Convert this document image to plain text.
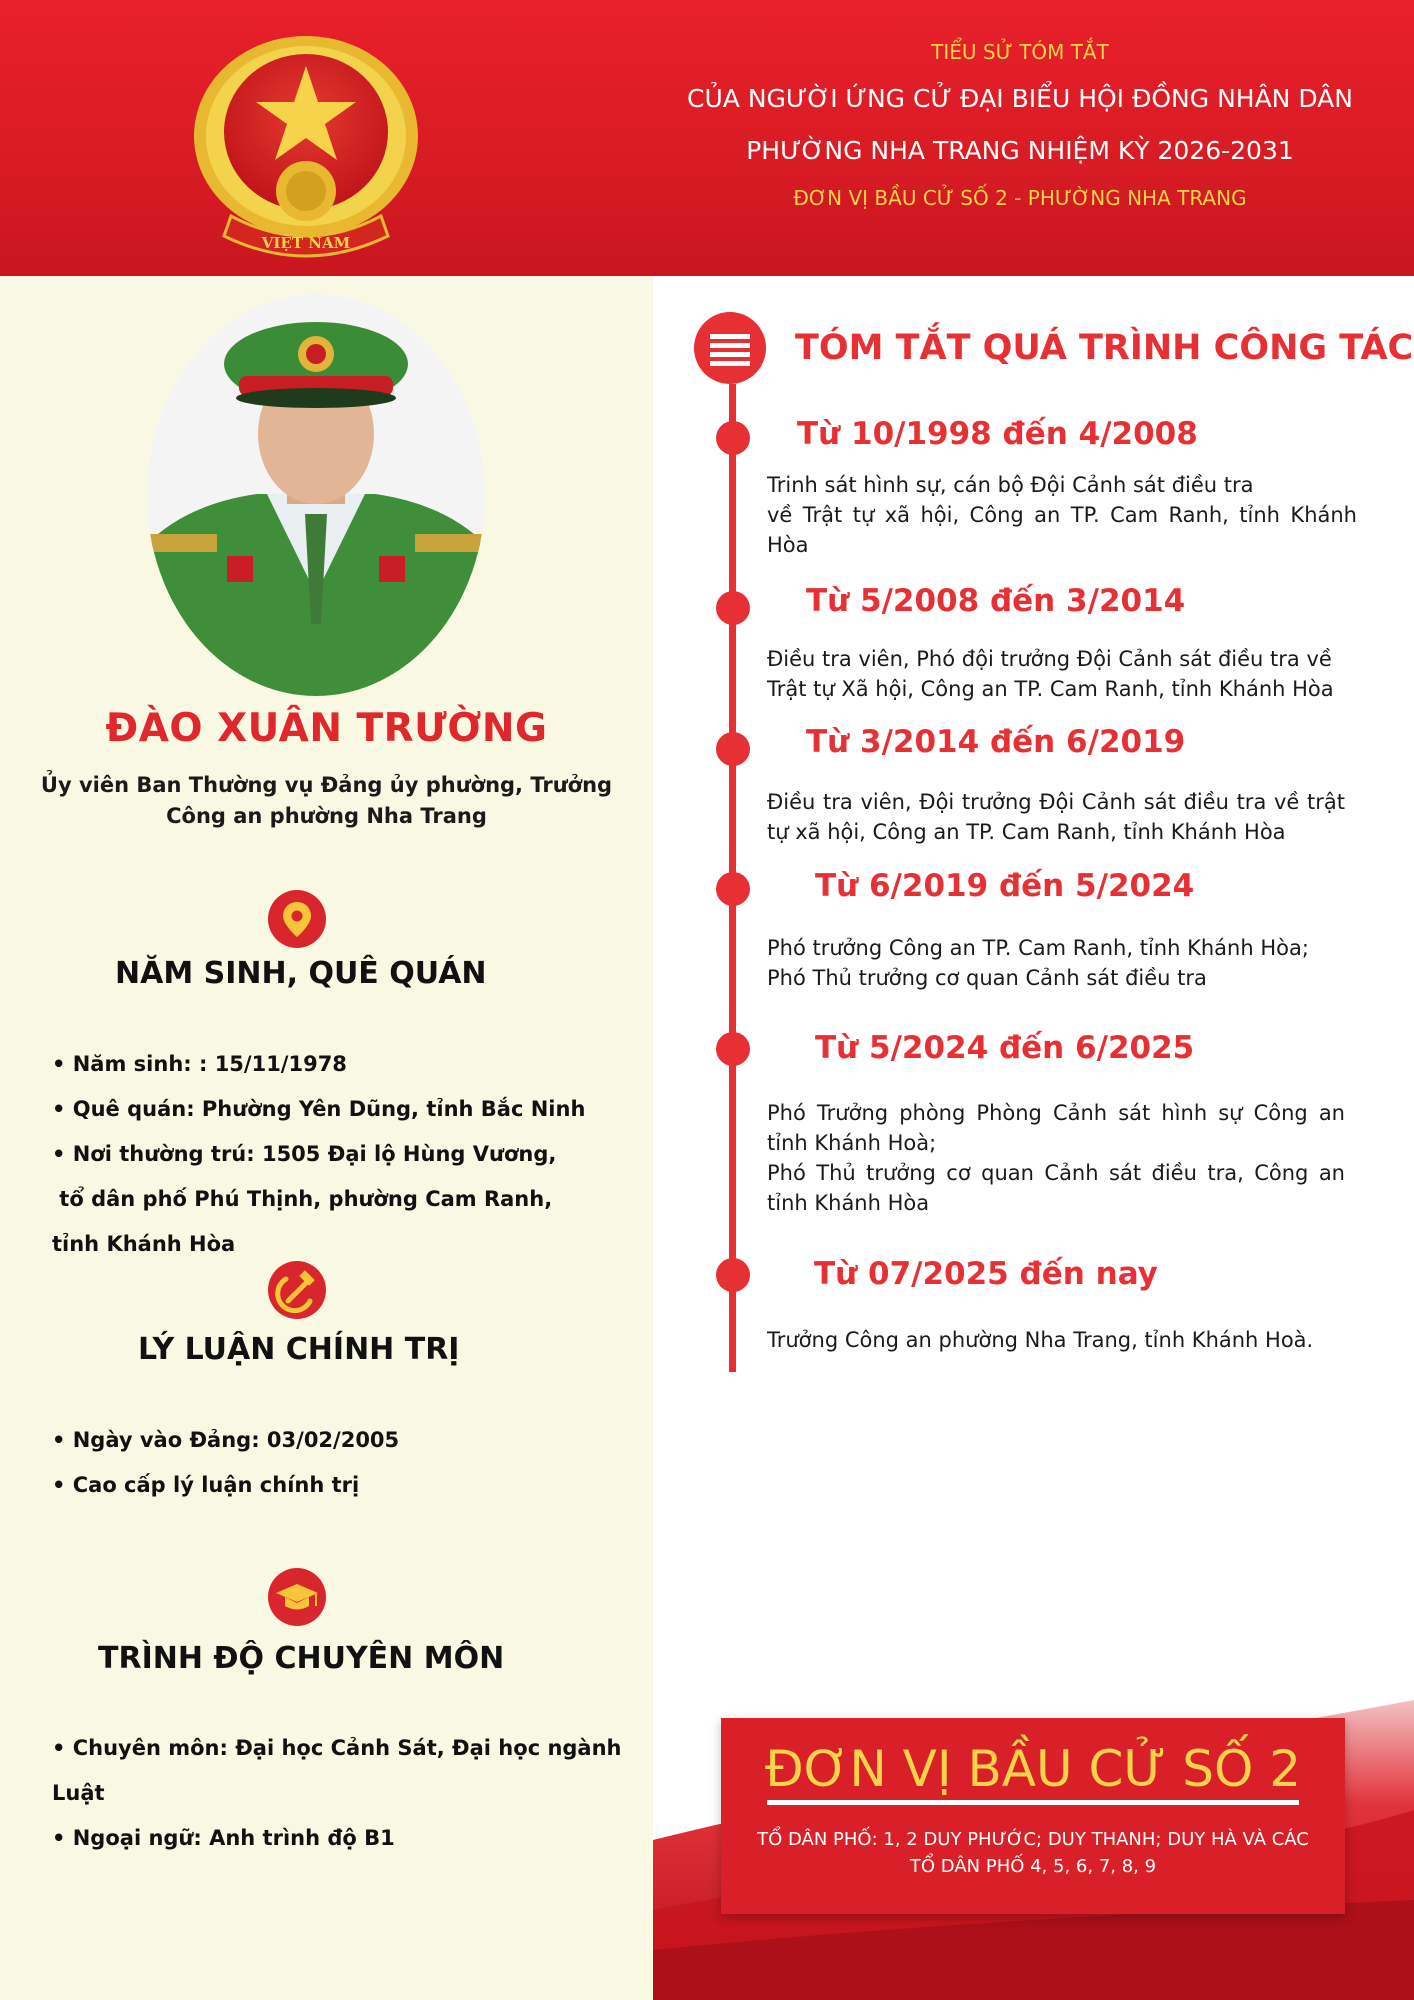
VIỆT NAM
TIỂU SỬ TÓM TẮT
CỦA NGƯỜI ỨNG CỬ ĐẠI BIỂU HỘI ĐỒNG NHÂN DÂN
PHƯỜNG NHA TRANG NHIỆM KỲ 2026-2031
ĐƠN VỊ BẦU CỬ SỐ 2 - PHƯỜNG NHA TRANG
ĐÀO XUÂN TRƯỜNG
Ủy viên Ban Thường vụ Đảng ủy phường, Trưởng
Công an phường Nha Trang
NĂM SINH, QUÊ QUÁN
• Năm sinh: : 15/11/1978
• Quê quán: Phường Yên Dũng, tỉnh Bắc Ninh
• Nơi thường trú: 1505 Đại lộ Hùng Vương,
tổ dân phố Phú Thịnh, phường Cam Ranh,
tỉnh Khánh Hòa
LÝ LUẬN CHÍNH TRỊ
• Ngày vào Đảng: 03/02/2005
• Cao cấp lý luận chính trị
TRÌNH ĐỘ CHUYÊN MÔN
• Chuyên môn: Đại học Cảnh Sát, Đại học ngành
Luật
• Ngoại ngữ: Anh trình độ B1
TÓM TẮT QUÁ TRÌNH CÔNG TÁC
Từ 10/1998 đến 4/2008
Trinh sát hình sự, cán bộ Đội Cảnh sát điều tra
về Trật tự xã hội, Công an TP. Cam Ranh, tỉnh Khánh
Hòa
Từ 5/2008 đến 3/2014
Điều tra viên, Phó đội trưởng Đội Cảnh sát điều tra về
Trật tự Xã hội, Công an TP. Cam Ranh, tỉnh Khánh Hòa
Từ 3/2014 đến 6/2019
Điều tra viên, Đội trưởng Đội Cảnh sát điều tra về trật
tự xã hội, Công an TP. Cam Ranh, tỉnh Khánh Hòa
Từ 6/2019 đến 5/2024
Phó trưởng Công an TP. Cam Ranh, tỉnh Khánh Hòa;
Phó Thủ trưởng cơ quan Cảnh sát điều tra
Từ 5/2024 đến 6/2025
Phó Trưởng phòng Phòng Cảnh sát hình sự Công an
tỉnh Khánh Hoà;
Phó Thủ trưởng cơ quan Cảnh sát điều tra, Công an
tỉnh Khánh Hòa
Từ 07/2025 đến nay
Trưởng Công an phường Nha Trang, tỉnh Khánh Hoà.
ĐƠN VỊ BẦU CỬ SỐ 2
TỔ DÂN PHỐ: 1, 2 DUY PHƯỚC; DUY THANH; DUY HÀ VÀ CÁC
TỔ DÂN PHỐ 4, 5, 6, 7, 8, 9
